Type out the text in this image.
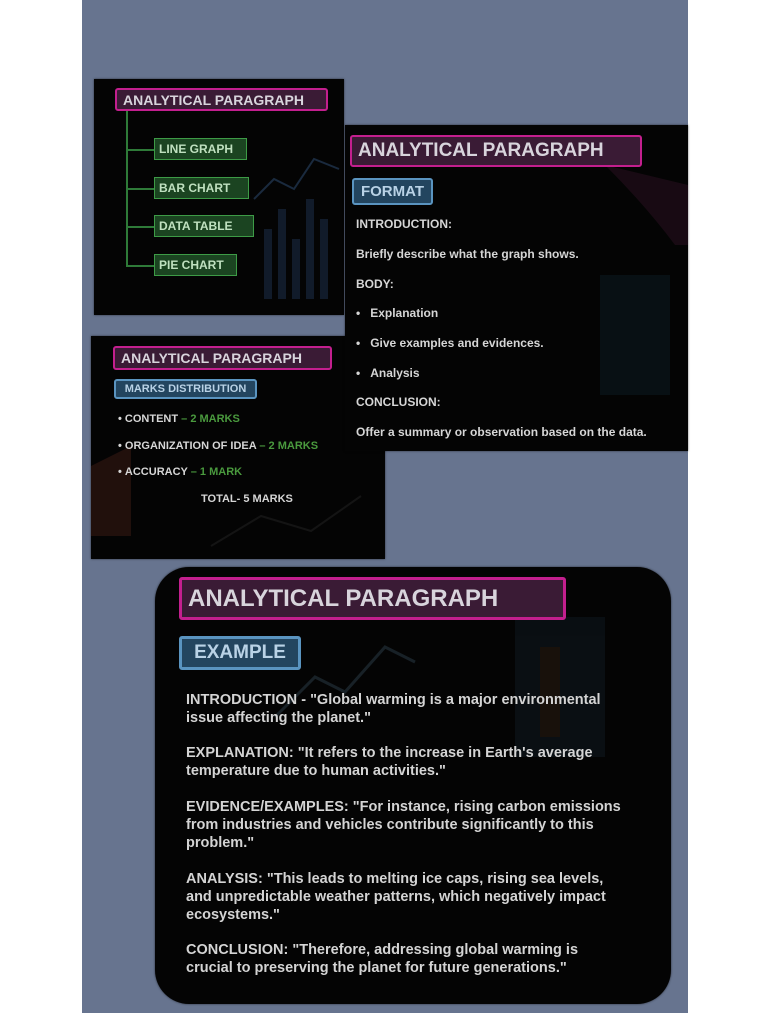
ANALYTICAL PARAGRAPH
LINE GRAPH
BAR CHART
DATA TABLE
PIE CHART
ANALYTICAL PARAGRAPH
MARKS DISTRIBUTION
• CONTENT – 2 MARKS
• ORGANIZATION OF IDEA – 2 MARKS
• ACCURACY – 1 MARK
TOTAL- 5 MARKS
ANALYTICAL PARAGRAPH
FORMAT
INTRODUCTION:
Briefly describe what the graph shows.
BODY:
•   Explanation
•   Give examples and evidences.
•   Analysis
CONCLUSION:
Offer a summary or observation based on the data.
ANALYTICAL PARAGRAPH
EXAMPLE

INTRODUCTION - "Global warming is a major environmental issue affecting the planet."

EXPLANATION: "It refers to the increase in Earth's average temperature due to human activities."

EVIDENCE/EXAMPLES: "For instance, rising carbon emissions from industries and vehicles contribute significantly to this problem."

ANALYSIS: "This leads to melting ice caps, rising sea levels, and unpredictable weather patterns, which negatively impact ecosystems."

CONCLUSION: "Therefore, addressing global warming is crucial to preserving the planet for future generations."
